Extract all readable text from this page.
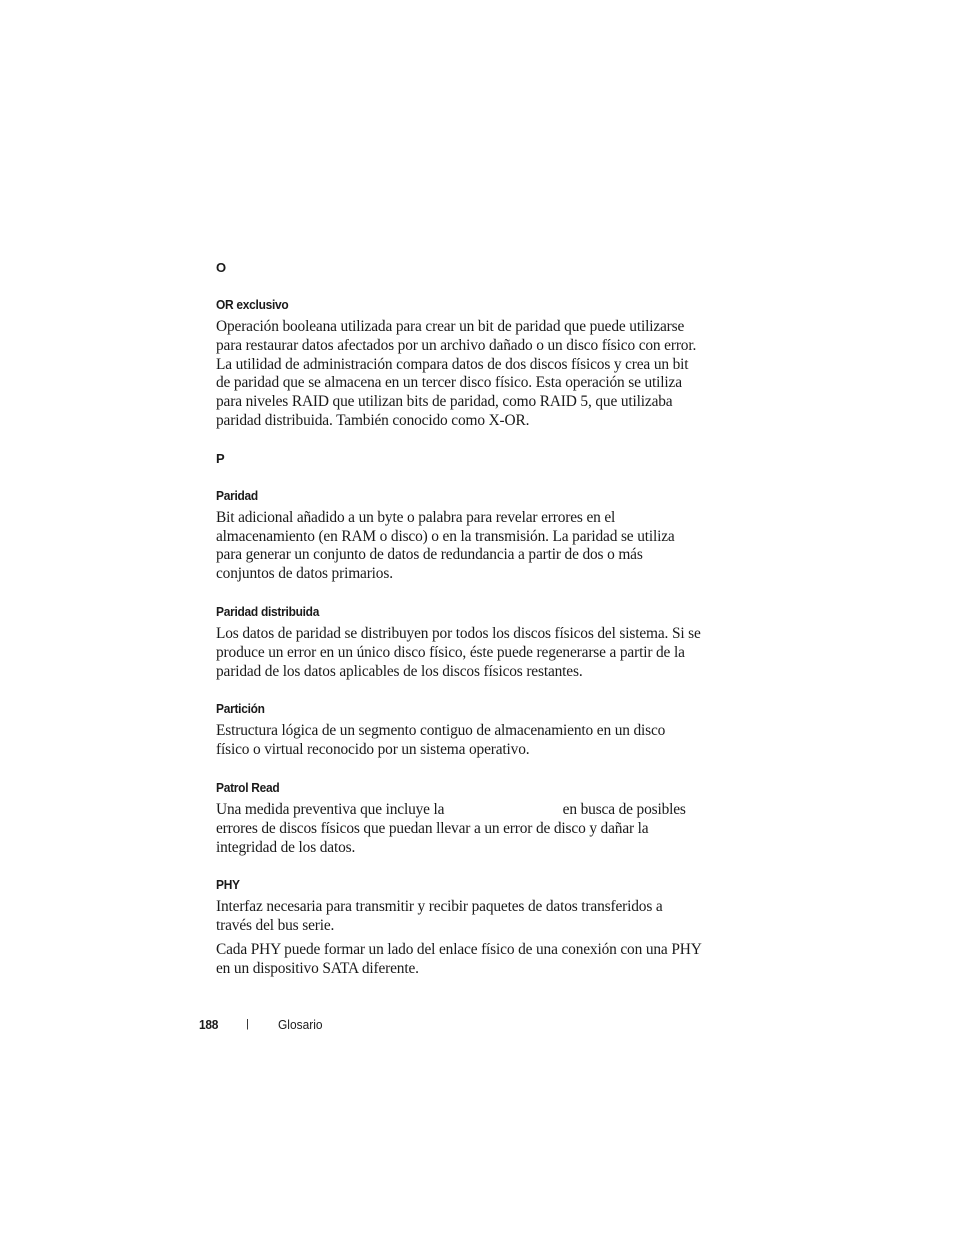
O
OR exclusivo
Operación booleana utilizada para crear un bit de paridad que puede utilizarse
para restaurar datos afectados por un archivo dañado o un disco físico con error.
La utilidad de administración compara datos de dos discos físicos y crea un bit
de paridad que se almacena en un tercer disco físico. Esta operación se utiliza
para niveles RAID que utilizan bits de paridad, como RAID 5, que utilizaba
paridad distribuida. También conocido como X-OR.
P
Paridad
Bit adicional añadido a un byte o palabra para revelar errores en el
almacenamiento (en RAM o disco) o en la transmisión. La paridad se utiliza
para generar un conjunto de datos de redundancia a partir de dos o más
conjuntos de datos primarios.
Paridad distribuida
Los datos de paridad se distribuyen por todos los discos físicos del sistema. Si se
produce un error en un único disco físico, éste puede regenerarse a partir de la
paridad de los datos aplicables de los discos físicos restantes.
Partición
Estructura lógica de un segmento contiguo de almacenamiento en un disco
físico o virtual reconocido por un sistema operativo.
Patrol Read
Una medida preventiva que incluye la                                en busca de posibles
errores de discos físicos que puedan llevar a un error de disco y dañar la
integridad de los datos.
PHY
Interfaz necesaria para transmitir y recibir paquetes de datos transferidos a
través del bus serie.
Cada PHY puede formar un lado del enlace físico de una conexión con una PHY
en un dispositivo SATA diferente.
188	| Glosario
